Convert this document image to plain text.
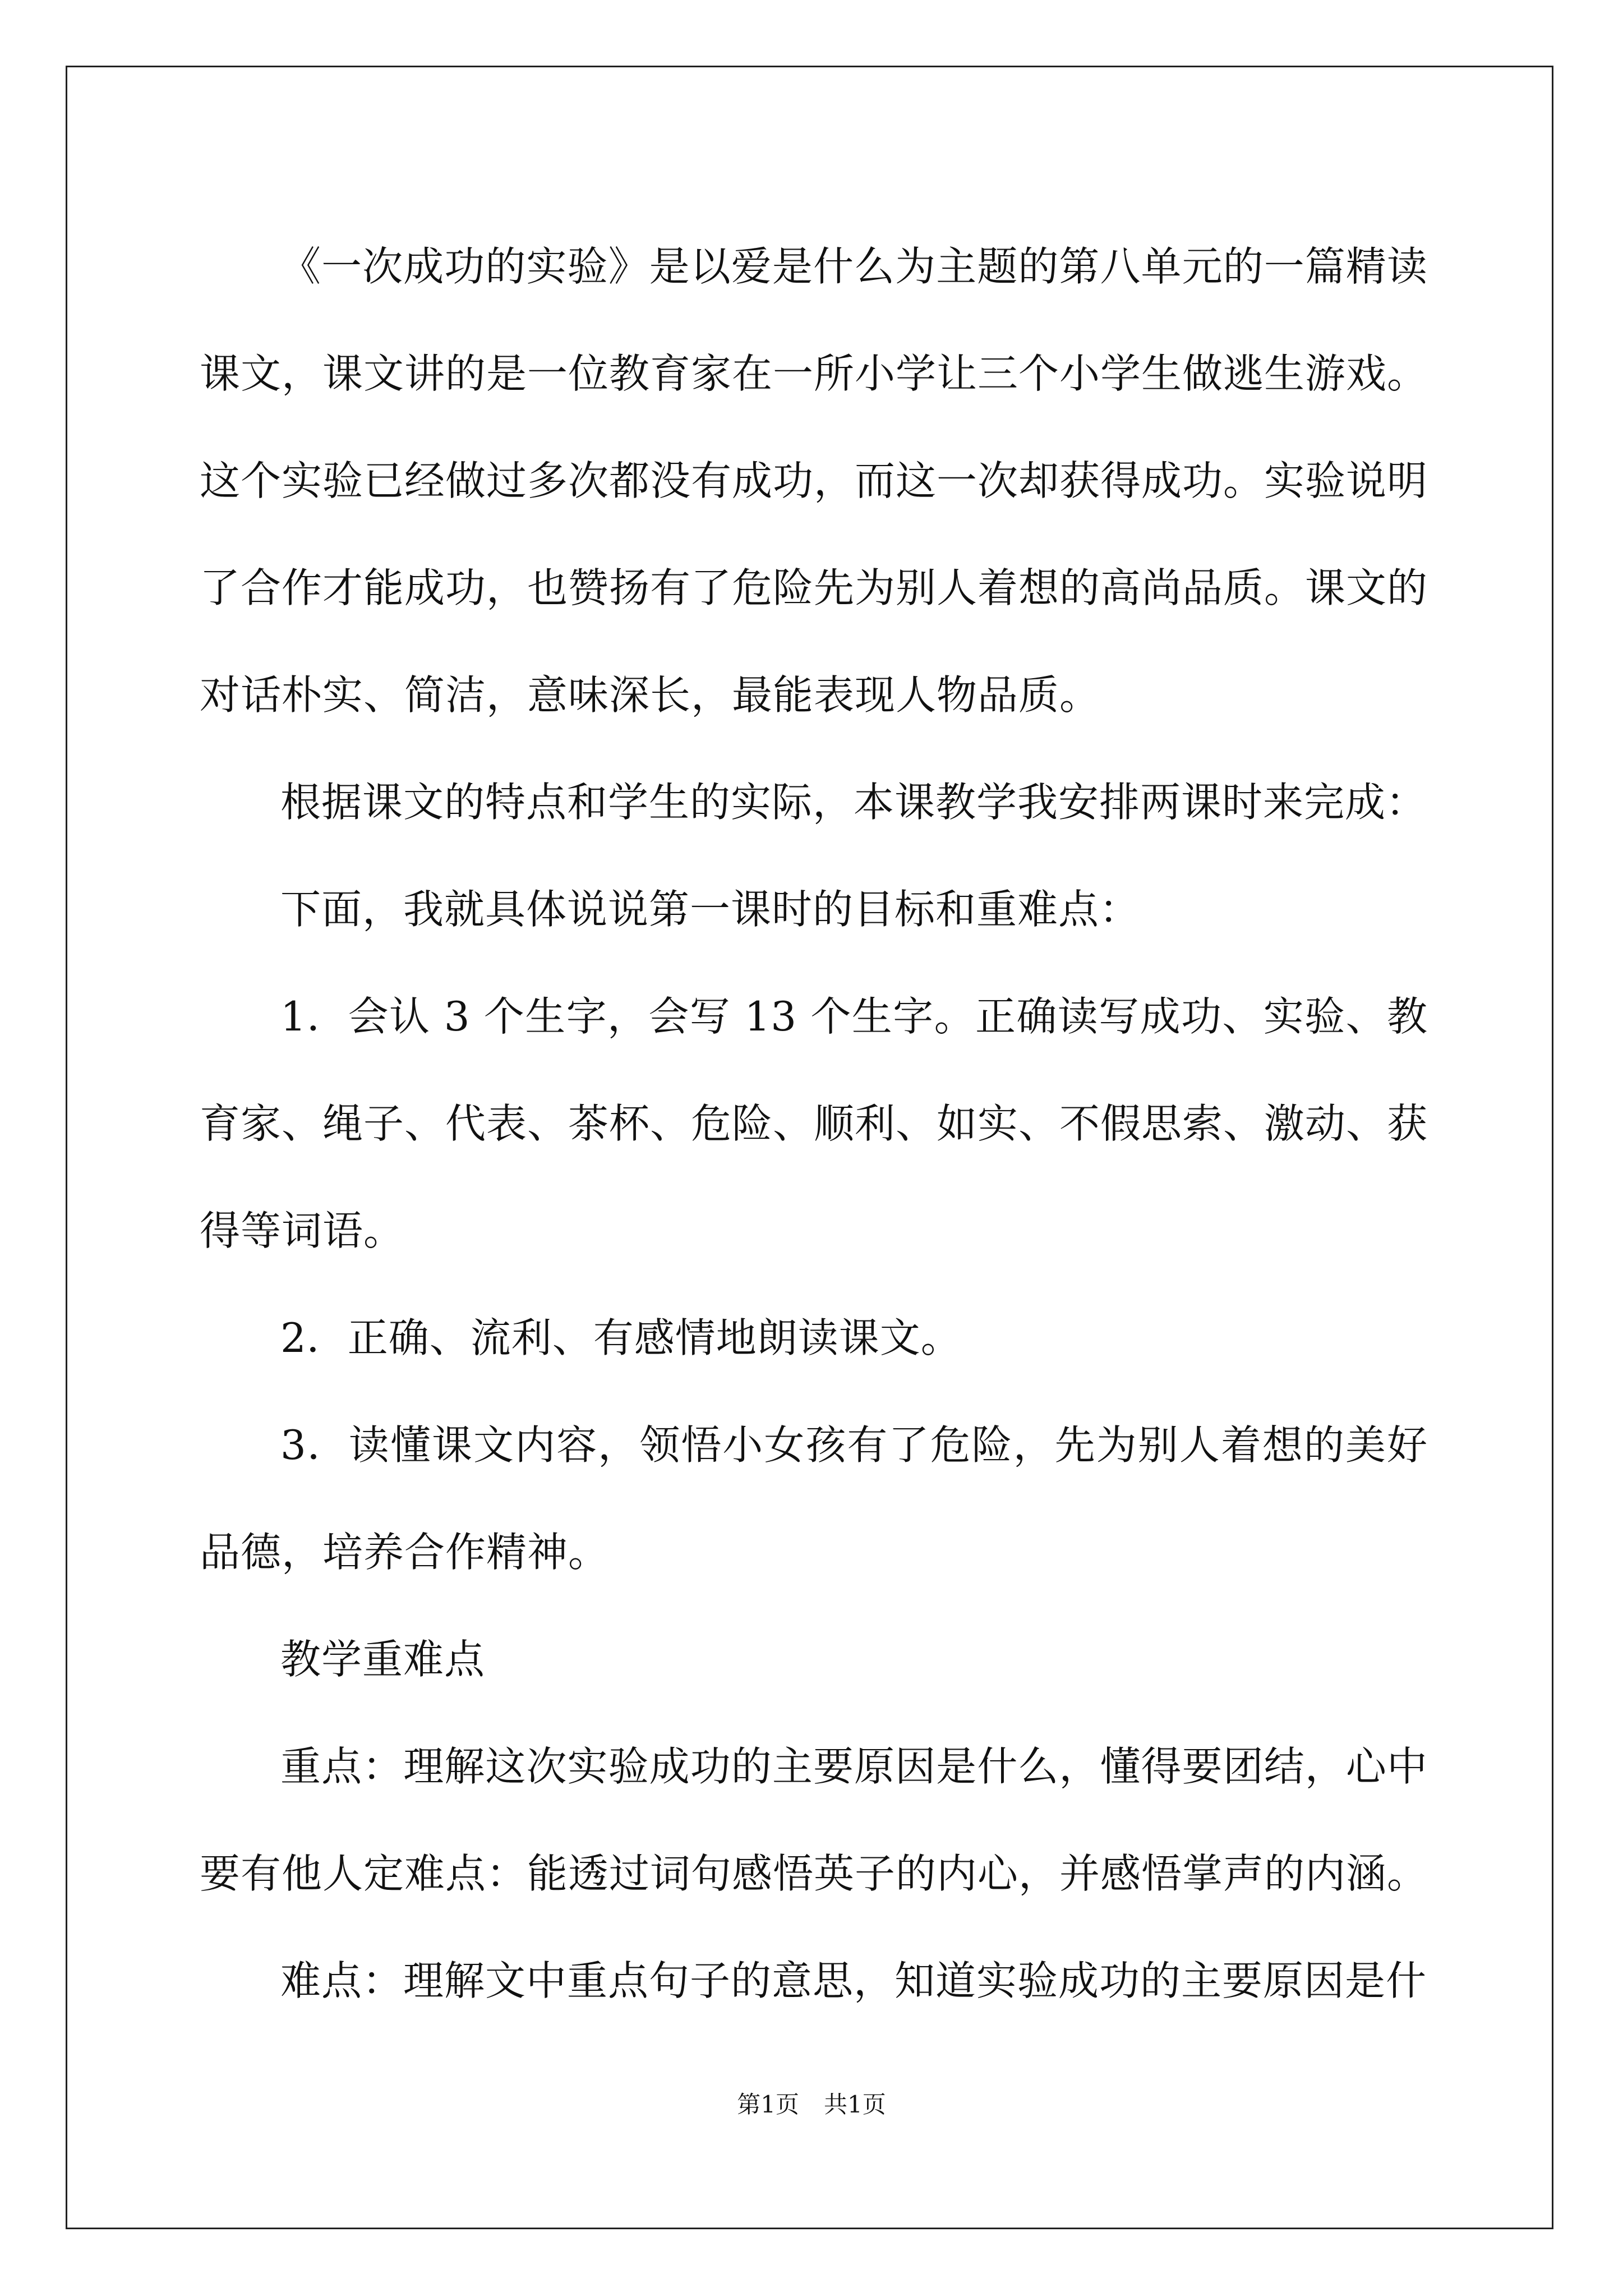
《一次成功的实验》是以爱是什么为主题的第八单元的一篇精读课文，课文讲的是一位教育家在一所小学让三个小学生做逃生游戏。这个实验已经做过多次都没有成功，而这一次却获得成功。实验说明了合作才能成功，也赞扬有了危险先为别人着想的高尚品质。课文的对话朴实、简洁，意味深长，最能表现人物品质。

根据课文的特点和学生的实际，本课教学我安排两课时来完成：

下面，我就具体说说第一课时的目标和重难点：

1．会认 3 个生字，会写 13 个生字。正确读写成功、实验、教育家、绳子、代表、茶杯、危险、顺利、如实、不假思索、激动、获得等词语。

2．正确、流利、有感情地朗读课文。

3．读懂课文内容，领悟小女孩有了危险，先为别人着想的美好品德，培养合作精神。

教学重难点

重点：理解这次实验成功的主要原因是什么，懂得要团结，心中要有他人定难点：能透过词句感悟英子的内心，并感悟掌声的内涵。

难点：理解文中重点句子的意思，知道实验成功的主要原因是什

第1页 共1页
